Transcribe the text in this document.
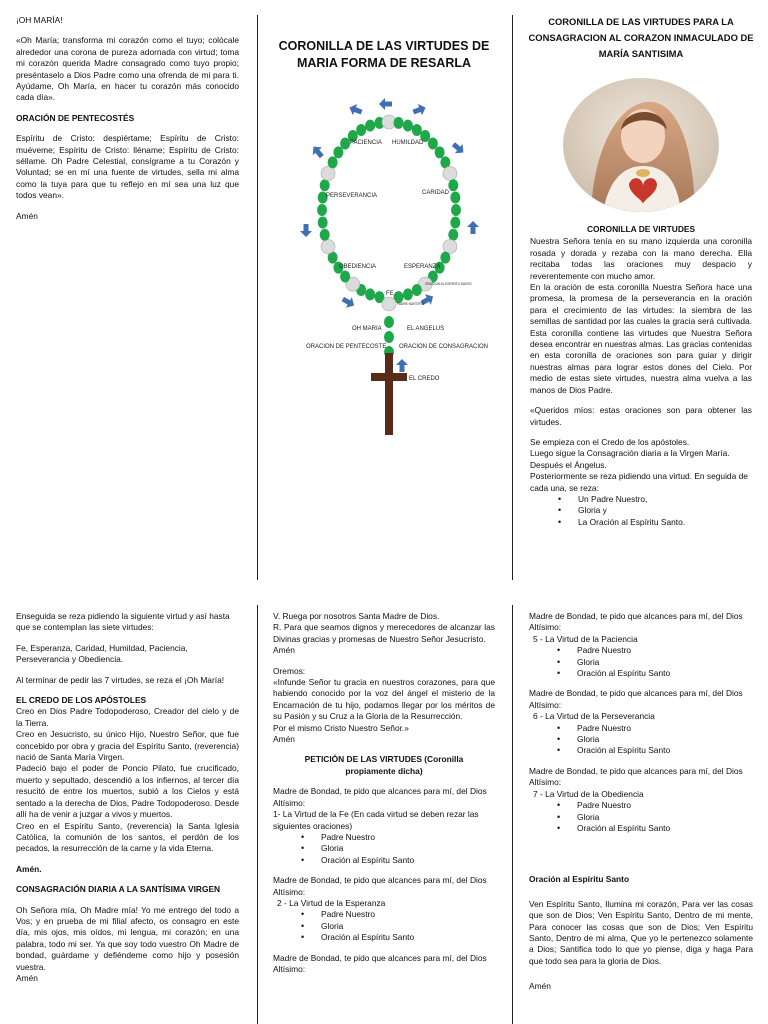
¡OH MARÍA!

«Oh María; transforma mi corazón como el tuyo; colócale alrededor una corona de pureza adornada con virtud; toma mi corazón querida Madre consagrado como tuyo propio; preséntaselo a Dios Padre como una ofrenda de mi para ti. Ayúdame, Oh María, en hacer tu corazón más conocido cada día».

ORACIÓN DE PENTECOSTÉS

Espíritu de Cristo: despiértame; Espíritu de Cristo: muéveme; Espíritu de Cristo: lléname; Espíritu de Cristo: séllame. Oh Padre Celestial, consígrame a tu Corazón y Voluntad; se en mí una fuente de virtudes, sella mi alma como la tuya para que tu reflejo en mí sea una luz que todos vean».

Amén

CORONILLA DE LAS VIRTUDES DE MARIA FORMA DE RESARLA
PACIENCIA HUMILDAD
PERSEVERANCIA	CARIDAD
OBEDIENCIA	ESPERANZA
FE
ORACION AL ESPIRITU SANTO
PADRE NUESTRO
OH MARIA	EL ANGELUS
ORACION DE PENTECOSTE ORACION DE CONSAGRACION
EL CREDO
CORONILLA DE LAS VIRTUDES PARA LA CONSAGRACION AL CORAZON INMACULADO DE MARÍA SANTISIMA
CORONILLA DE VIRTUDES
Nuestra Señora tenía en su mano izquierda una coronilla rosada y dorada y rezaba con la mano derecha. Ella recitaba todas las oraciones muy despacio y reverentemente con mucho amor.
En la oración de esta coronilla Nuestra Señora hace una promesa, la promesa de la perseverancia en la oración para el crecimiento de las virtudes: la siembra de las semillas de santidad por las cuales la gracia será cultivada. Esta coronilla contiene las virtudes que Nuestra Señora desea encontrar en nuestras almas. Las gracias contenidas en esta coronilla de oraciones son para guiar y dirigir nuestras almas para lograr estos dones del Cielo. Por medio de estas siete virtudes, nuestra alma vuelva a las manos de Dios Padre.

«Queridos míos: estas oraciones son para obtener las virtudes.

Se empieza con el Credo de los apóstoles.
Luego sigue la Consagración diaria a la Virgen María.
Después el Ángelus.
Posteriormente se reza pidiendo una virtud. En seguida de cada una, se reza:
• Un Padre Nuestro,
• Gloria y
• La Oración al Espíritu Santo.

Enseguida se reza pidiendo la siguiente virtud y así hasta que se contemplan las siete virtudes:

Fe, Esperanza, Caridad, Humildad, Paciencia, Perseverancia y Obediencia.

Al terminar de pedir las 7 virtudes, se reza el ¡Oh María!

EL CREDO DE LOS APÓSTOLES
Creo en Dios Padre Todopoderoso, Creador del cielo y de la Tierra.
Creo en Jesucristo, su único Hijo, Nuestro Señor, que fue concebido por obra y gracia del Espíritu Santo, (reverencia) nació de Santa María Virgen.
Padeció bajo el poder de Poncio Pilato, fue crucificado, muerto y sepultado, descendió a los infiernos, al tercer día resucitó de entre los muertos, subió a los Cielos y está sentado a la derecha de Dios, Padre Todopoderoso. Desde allí ha de venir a juzgar a vivos y muertos.

Creo en el Espíritu Santo, (reverencia) la Santa Iglesia Católica, la comunión de los santos, el perdón de los pecados, la resurrección de la carne y la vida Eterna.

Amén.

CONSAGRACIÓN DIARIA A LA SANTÍSIMA VIRGEN

Oh Señora mía, Oh Madre mía! Yo me entrego del todo a Vos; y en prueba de mi filial afecto, os consagro en este día, mis ojos, mis oídos, mi lengua, mi corazón; en una palabra, todo mi ser. Ya que soy todo vuestro Oh Madre de bondad, guárdame y defiéndeme como hijo y posesión vuestra.
Amén
V. Ruega por nosotros Santa Madre de Dios.
R. Para que seamos dignos y merecedores de alcanzar las Divinas gracias y promesas de Nuestro Señor Jesucristo.

Amén

Oremos:
«Infunde Señor tu gracia en nuestros corazones, para que habiendo conocido por la voz del ángel el misterio de la Encarnación de tu hijo, podamos llegar por los méritos de su Pasión y su Cruz a la Gloria de la Resurrección.
Por el mismo Cristo Nuestro Señor.»

Amén

PETICIÓN DE LAS VIRTUDES (Coronilla propiamente dicha)

Madre de Bondad, te pido que alcances para mí, del Dios Altísimo:
1- La Virtud de la Fe (En cada virtud se deben rezar las siguientes oraciones)
• Padre Nuestro
• Gloria
• Oración al Espíritu Santo
Madre de Bondad, te pido que alcances para mí, del Dios Altísimo:
2 - La Virtud de la Esperanza
• Padre Nuestro
• Gloria
• Oración al Espíritu Santo
Madre de Bondad, te pido que alcances para mí, del Dios Altísimo:
Madre de Bondad, te pido que alcances para mí, del Dios Altísimo:
5 - La Virtud de la Paciencia
• Padre Nuestro
• Gloria
• Oración al Espíritu Santo
Madre de Bondad, te pido que alcances para mí, del Dios Altísimo:
6 - La Virtud de la Perseverancia
• Padre Nuestro
• Gloria
• Oración al Espíritu Santo
Madre de Bondad, te pido que alcances para mí, del Dios Altísimo:
7 - La Virtud de la Obediencia
• Padre Nuestro
• Gloria
• Oración al Espíritu Santo

Oración al Espíritu Santo

Ven Espíritu Santo, Ilumina mi corazón, Para ver las cosas que son de Dios; Ven Espíritu Santo, Dentro de mi mente, Para conocer las cosas que son de Dios; Ven Espíritu Santo, Dentro de mi alma, Que yo le pertenezco solamente a Dios; Santifica todo lo que yo piense, diga y haga Para que todo sea para la gloria de Dios.

Amén
